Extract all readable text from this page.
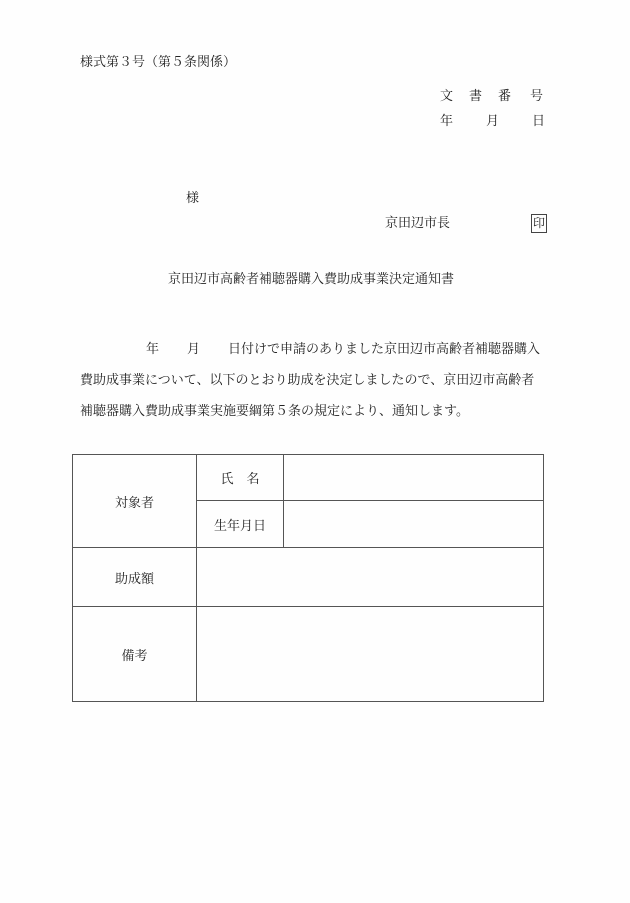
様式第３号（第５条関係）
文 書 番 号
年	月	日
様
京田辺市長	印
京田辺市高齢者補聴器購入費助成事業決定通知書
年 月 日付けで申請のありました京田辺市高齢者補聴器購入
費助成事業について、以下のとおり助成を決定しましたので、京田辺市高齢者
補聴器購入費助成事業実施要綱第５条の規定により、通知します。
対象者	氏　名	
	生年月日	
助成額		
備考		
